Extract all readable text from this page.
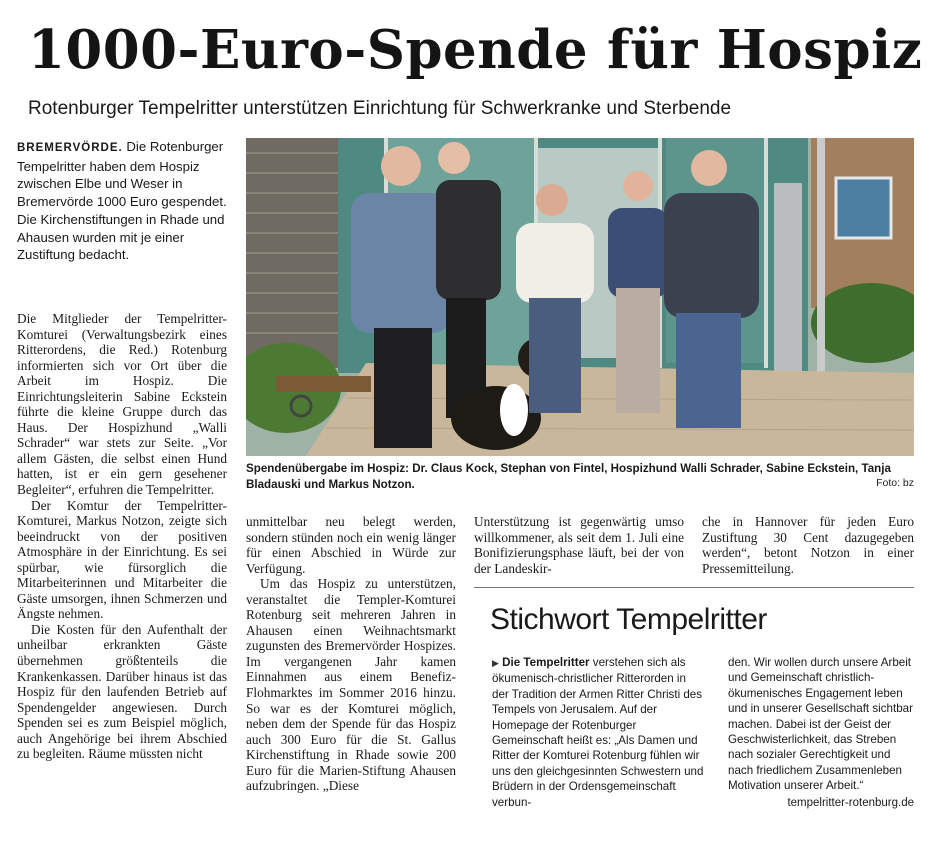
1000-Euro-Spende für Hospiz
Rotenburger Tempelritter unterstützen Einrichtung für Schwerkranke und Sterbende
BREMERVÖRDE. Die Rotenburger Tempelritter haben dem Hospiz zwischen Elbe und Weser in Bremervörde 1000 Euro gespendet. Die Kirchenstiftungen in Rhade und Ahausen wurden mit je einer Zustiftung bedacht.

Die Mitglieder der Tempelritter-Komturei (Verwaltungsbezirk eines Ritterordens, die Red.) Rotenburg informierten sich vor Ort über die Arbeit im Hospiz. Die Einrichtungsleiterin Sabine Eckstein führte die kleine Gruppe durch das Haus. Der Hospizhund „Walli Schrader“ war stets zur Seite. „Vor allem Gästen, die selbst einen Hund hatten, ist er ein gern gesehener Begleiter“, erfuhren die Tempelritter.

Der Komtur der Tempelritter-Komturei, Markus Notzon, zeigte sich beeindruckt von der positiven Atmosphäre in der Einrichtung. Es sei spürbar, wie fürsorglich die Mitarbeiterinnen und Mitarbeiter die Gäste umsorgen, ihnen Schmerzen und Ängste nehmen.

Die Kosten für den Aufenthalt der unheilbar erkrankten Gäste übernehmen größtenteils die Krankenkassen. Darüber hinaus ist das Hospiz für den laufenden Betrieb auf Spendengelder angewiesen. Durch Spenden sei es zum Beispiel möglich, auch Angehörige bei ihrem Abschied zu begleiten. Räume müssten nicht

unmittelbar neu belegt werden, sondern stünden noch ein wenig länger für einen Abschied in Würde zur Verfügung.

Um das Hospiz zu unterstützen, veranstaltet die Templer-Komturei Rotenburg seit mehreren Jahren in Ahausen einen Weihnachtsmarkt zugunsten des Bremervörder Hospizes. Im vergangenen Jahr kamen Einnahmen aus einem Benefiz-Flohmarktes im Sommer 2016 hinzu. So war es der Komturei möglich, neben dem der Spende für das Hospiz auch 300 Euro für die St. Gallus Kirchenstiftung in Rhade sowie 200 Euro für die Marien-Stiftung Ahausen aufzubringen. „Diese

Unterstützung ist gegenwärtig umso willkommener, als seit dem 1. Juli eine Bonifizierungsphase läuft, bei der von der Landeskir-

che in Hannover für jeden Euro Zustiftung 30 Cent dazugegeben werden“, betont Notzon in einer Pressemitteilung.

Spendenübergabe im Hospiz: Dr. Claus Kock, Stephan von Fintel, Hospizhund Walli Schrader, Sabine Eckstein, Tanja Bladauski und Markus Notzon.	Foto: bz
Stichwort Tempelritter
▶ Die Tempelritter verstehen sich als ökumenisch-christlicher Ritterorden in der Tradition der Armen Ritter Christi des Tempels von Jerusalem. Auf der Homepage der Rotenburger Gemeinschaft heißt es: „Als Damen und Ritter der Komturei Rotenburg fühlen wir uns den gleichgesinnten Schwestern und Brüdern in der Ordensgemeinschaft verbun-
den. Wir wollen durch unsere Arbeit und Gemeinschaft christlich-ökumenisches Engagement leben und in unserer Gesellschaft sichtbar machen. Dabei ist der Geist der Geschwisterlichkeit, das Streben nach sozialer Gerechtigkeit und nach friedlichem Zusammenleben Motivation unserer Arbeit.“
tempelritter-rotenburg.de
